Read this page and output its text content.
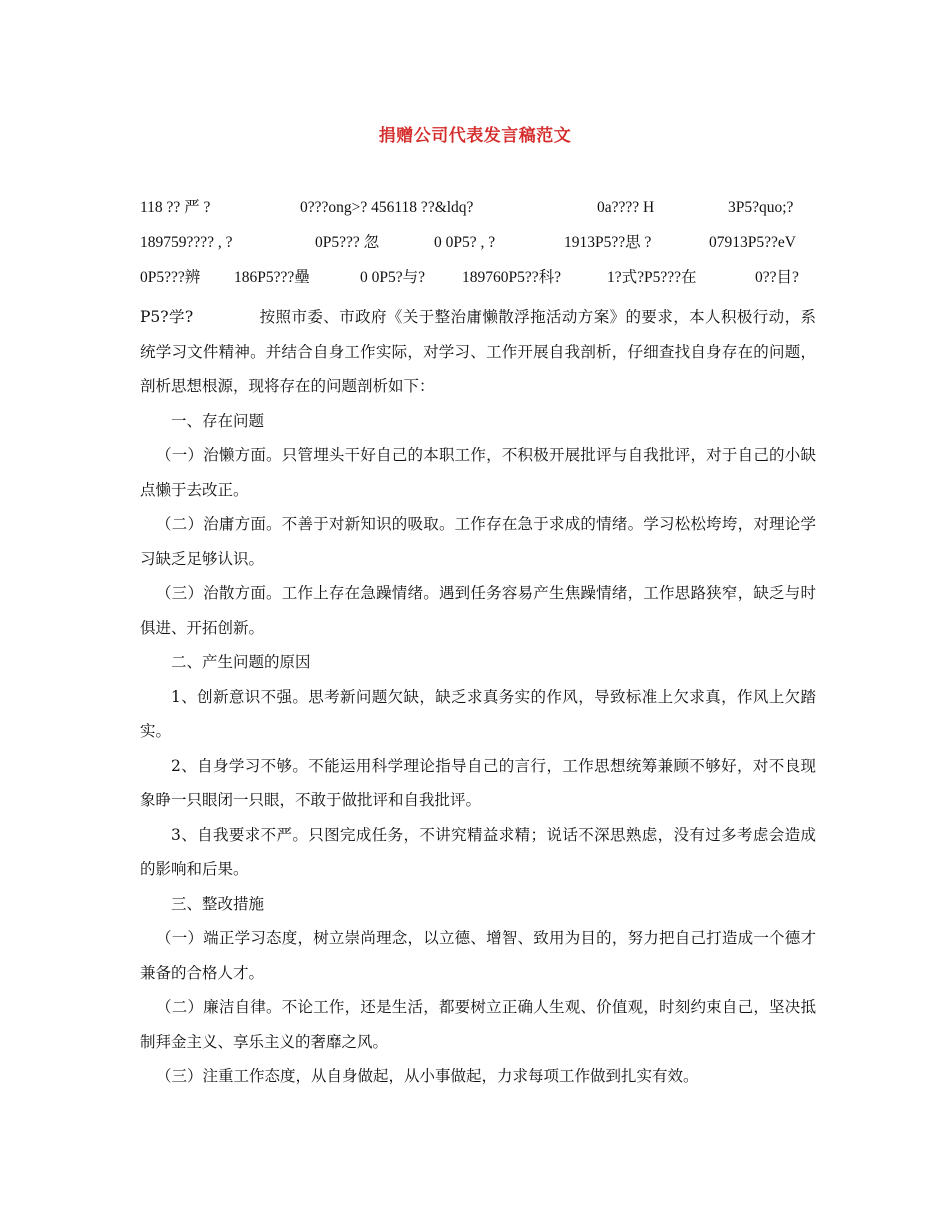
捐赠公司代表发言稿范文
118 ?? 严 ?	0???ong>? 456118 ??&ldq?	0a???? H	3P5?quo;?
189759???? , ?	0P5??? 忽	0 0P5? , ?	1913P5??思 ?	07913P5??eV
0P5???辨 186P5???壘	0 0P5?与? 189760P5??科?	1?式?P5???在	0??目?

P5?学?	按照市委、市政府《关于整治庸懒散浮拖活动方案》的要求，本人积极行动，系统学习文件精神。并结合自身工作实际，对学习、工作开展自我剖析，仔细查找自身存在的问题，剖析思想根源，现将存在的问题剖析如下：

一、存在问题

（一）治懒方面。只管埋头干好自己的本职工作，不积极开展批评与自我批评，对于自己的小缺点懒于去改正。

（二）治庸方面。不善于对新知识的吸取。工作存在急于求成的情绪。学习松松垮垮，对理论学习缺乏足够认识。

（三）治散方面。工作上存在急躁情绪。遇到任务容易产生焦躁情绪，工作思路狭窄，缺乏与时俱进、开拓创新。

二、产生问题的原因

1、创新意识不强。思考新问题欠缺，缺乏求真务实的作风，导致标准上欠求真，作风上欠踏实。

2、自身学习不够。不能运用科学理论指导自己的言行，工作思想统筹兼顾不够好，对不良现象睁一只眼闭一只眼，不敢于做批评和自我批评。

3、自我要求不严。只图完成任务，不讲究精益求精；说话不深思熟虑，没有过多考虑会造成的影响和后果。

三、整改措施

（一）端正学习态度，树立崇尚理念，以立德、增智、致用为目的，努力把自己打造成一个德才兼备的合格人才。

（二）廉洁自律。不论工作，还是生活，都要树立正确人生观、价值观，时刻约束自己，坚决抵制拜金主义、享乐主义的奢靡之风。

（三）注重工作态度，从自身做起，从小事做起，力求每项工作做到扎实有效。
